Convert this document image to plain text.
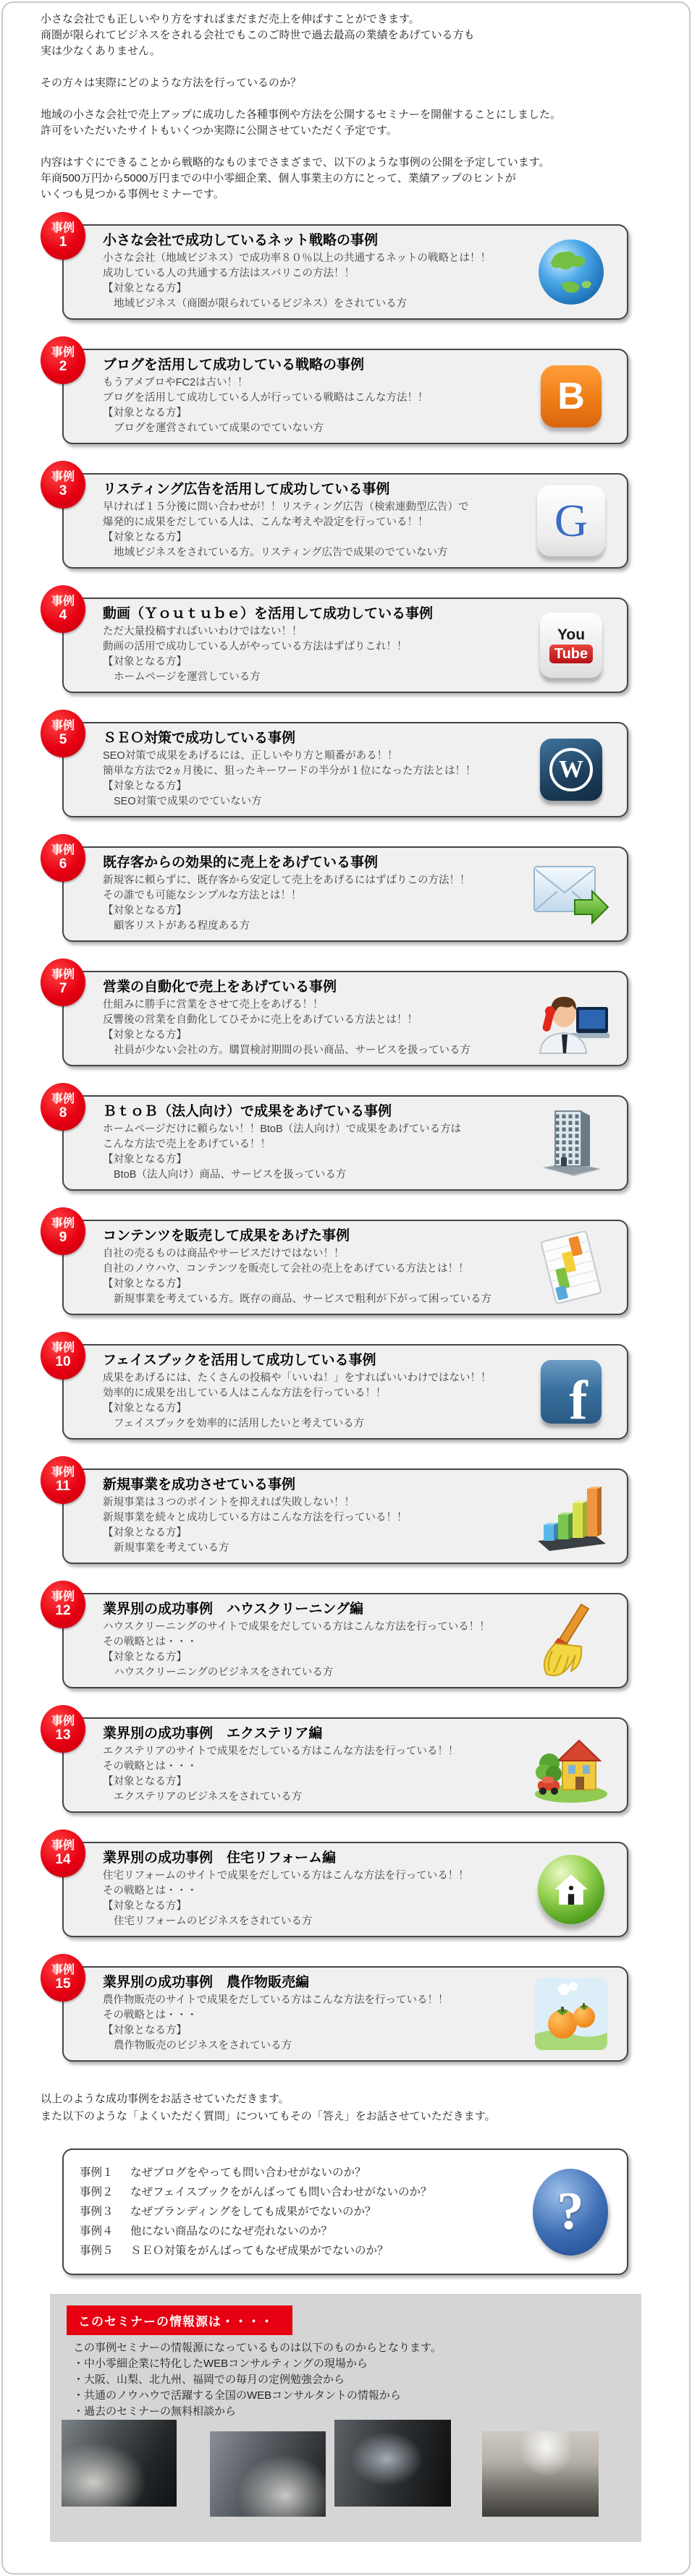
小さな会社でも正しいやり方をすればまだまだ売上を伸ばすことができます。

商圏が限られてビジネスをされる会社でもこのご時世で過去最高の業績をあげている方も

実は少なくありません。

その方々は実際にどのような方法を行っているのか？

地域の小さな会社で売上アップに成功した各種事例や方法を公開するセミナーを開催することにしました。

許可をいただいたサイトもいくつか実際に公開させていただく予定です。

内容はすぐにできることから戦略的なものまでさまざまで、以下のような事例の公開を予定しています。

年商500万円から5000万円までの中小零細企業、個人事業主の方にとって、業績アップのヒントが

いくつも見つかる事例セミナーです。

事例
1	小さな会社で成功しているネット戦略の事例

小さな会社（地域ビジネス）で成功率８０％以上の共通するネットの戦略とは！！

成功している人の共通する方法はスバリこの方法！！

【対象となる方】

地域ビジネス（商圏が限られているビジネス）をされている方

事例
2	ブログを活用して成功している戦略の事例

もうアメブロやFC2は古い！！

ブログを活用して成功している人が行っている戦略はこんな方法！！

【対象となる方】

ブログを運営されていて成果のでていない方

B
事例
3	リスティング広告を活用して成功している事例

早ければ１５分後に問い合わせが！！リスティング広告（検索連動型広告）で

爆発的に成果をだしている人は、こんな考えや設定を行っている！！

【対象となる方】

地域ビジネスをされている方。リスティング広告で成果のでていない方

G
事例
4	動画（Ｙｏｕｔｕｂｅ）を活用して成功している事例

ただ大量投稿すればいいわけではない！！

動画の活用で成功している人がやっている方法はずばりこれ！！

【対象となる方】

ホームページを運営している方

You
Tube
事例
5	ＳＥＯ対策で成功している事例

SEO対策で成果をあげるには、正しいやり方と順番がある！！

簡単な方法で2ヵ月後に、狙ったキーワードの半分が１位になった方法とは！！

【対象となる方】

SEO対策で成果のでていない方

W
事例
6	既存客からの効果的に売上をあげている事例

新規客に頼らずに、既存客から安定して売上をあげるにはずばりこの方法！！

その誰でも可能なシンプルな方法とは！！

【対象となる方】

顧客リストがある程度ある方

事例
7	営業の自動化で売上をあげている事例

仕組みに勝手に営業をさせて売上をあげる！！

反響後の営業を自動化してひそかに売上をあげている方法とは！！

【対象となる方】

社員が少ない会社の方。購買検討期間の長い商品、サービスを扱っている方

事例
8	ＢｔｏＢ（法人向け）で成果をあげている事例

ホームページだけに頼らない！！BtoB（法人向け）で成果をあげている方は

こんな方法で売上をあげている！！

【対象となる方】

BtoB（法人向け）商品、サービスを扱っている方

事例
9	コンテンツを販売して成果をあげた事例

自社の売るものは商品やサービスだけではない！！

自社のノウハウ、コンテンツを販売して会社の売上をあげている方法とは！！

【対象となる方】

新規事業を考えている方。既存の商品、サービスで粗利が下がって困っている方

事例
10 フェイスブックを活用して成功している事例

成果をあげるには、たくさんの投稿や「いいね！」をすればいいわけではない！！

効率的に成果を出している人はこんな方法を行っている！！

【対象となる方】

フェイスブックを効率的に活用したいと考えている方	f
事例
11 新規事業を成功させている事例

新規事業は３つのポイントを抑えれば失敗しない！！

新規事業を続々と成功している方はこんな方法を行っている！！

【対象となる方】

新規事業を考えている方

事例
12 業界別の成功事例　ハウスクリーニング編

ハウスクリーニングのサイトで成果をだしている方はこんな方法を行っている！！

その戦略とは・・・

【対象となる方】

ハウスクリーニングのビジネスをされている方

事例
13 業界別の成功事例　エクステリア編

エクステリアのサイトで成果をだしている方はこんな方法を行っている！！

その戦略とは・・・

【対象となる方】

エクステリアのビジネスをされている方

事例
14 業界別の成功事例　住宅リフォーム編

住宅リフォームのサイトで成果をだしている方はこんな方法を行っている！！

その戦略とは・・・

【対象となる方】

住宅リフォームのビジネスをされている方

事例
15 業界別の成功事例　農作物販売編

農作物販売のサイトで成果をだしている方はこんな方法を行っている！！

その戦略とは・・・

【対象となる方】

農作物販売のビジネスをされている方

以上のような成功事例をお話させていただきます。

また以下のような「よくいただく質問」についてもその「答え」をお話させていただきます。

事例１	なぜブログをやっても問い合わせがないのか？
事例２	なぜフェイスブックをがんばっても問い合わせがないのか？
事例３	なぜブランディングをしても成果がでないのか？
事例４	他にない商品なのになぜ売れないのか？
事例５	ＳＥＯ対策をがんばってもなぜ成果がでないのか？
?
このセミナーの情報源は・・・・

この事例セミナーの情報源になっているものは以下のものからとなります。

・中小零細企業に特化したWEBコンサルティングの現場から

・大阪、山梨、北九州、福岡での毎月の定例勉強会から

・共通のノウハウで活躍する全国のWEBコンサルタントの情報から

・過去のセミナーの無料相談から
